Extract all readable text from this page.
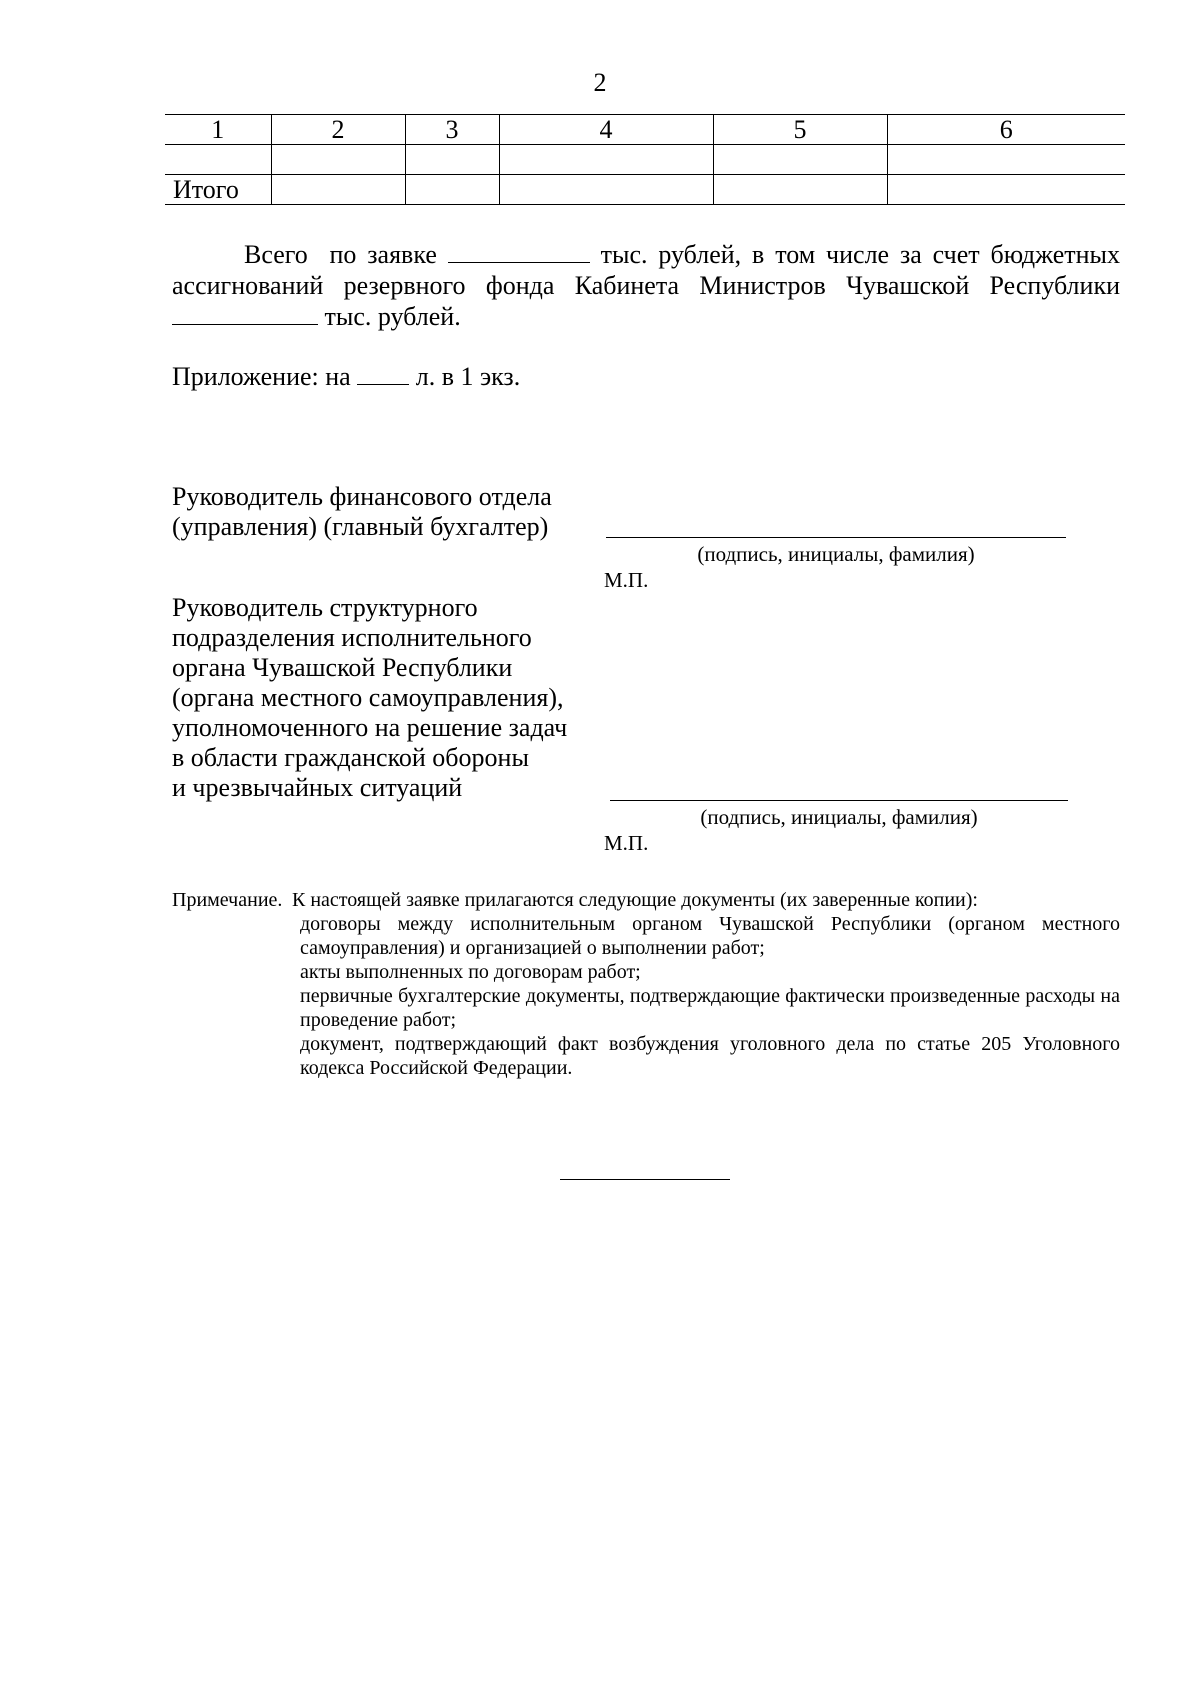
2
1	2	3	4	5	6

Итого					
Всего  по заявке	тыс. рублей, в том числе за счет бюджетных ассигнований резервного фонда Кабинета Министров Чувашской Республики  тыс. рублей.
Приложение: на	л. в 1 экз.
Руководитель финансового отдела
(управления) (главный бухгалтер)
(подпись, инициалы, фамилия)
М.П.
Руководитель структурного
подразделения исполнительного
органа Чувашской Республики
(органа местного самоуправления),
уполномоченного на решение задач
в области гражданской обороны
и чрезвычайных ситуаций
(подпись, инициалы, фамилия)
М.П.
Примечание. К настоящей заявке прилагаются следующие документы (их заверенные копии):
договоры между исполнительным органом Чувашской Республики (органом местного самоуправления) и организацией о выполнении работ;
акты выполненных по договорам работ;
первичные бухгалтерские документы, подтверждающие фактически произведенные расходы на проведение работ;
документ, подтверждающий факт возбуждения уголовного дела по статье 205 Уголовного кодекса Российской Федерации.
